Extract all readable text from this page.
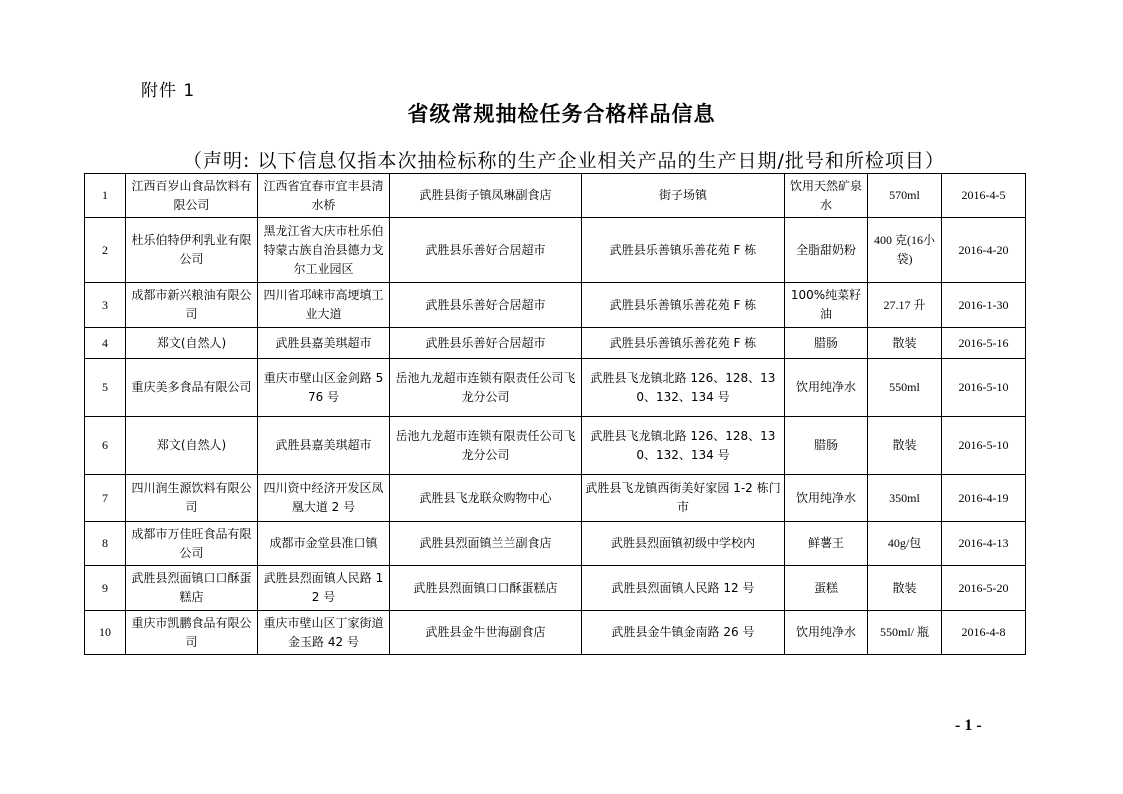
附件 1
省级常规抽检任务合格样品信息
（声明: 以下信息仅指本次抽检标称的生产企业相关产品的生产日期/批号和所检项目）
1	江西百岁山食品饮料有限公司	江西省宜春市宜丰县清水桥	武胜县街子镇凤琳副食店	街子场镇	饮用天然矿泉水	570ml	2016-4-5
2	杜乐伯特伊利乳业有限公司	黑龙江省大庆市杜乐伯特蒙古族自治县德力戈尔工业园区	武胜县乐善好合居超市	武胜县乐善镇乐善花苑 F 栋	全脂甜奶粉	400 克(16小袋)	2016-4-20
3	成都市新兴粮油有限公司	四川省邛崃市高埂填工业大道	武胜县乐善好合居超市	武胜县乐善镇乐善花苑 F 栋	100%纯菜籽油	27.17 升	2016-1-30
4	郑文(自然人)	武胜县嘉美琪超市	武胜县乐善好合居超市	武胜县乐善镇乐善花苑 F 栋	腊肠	散装	2016-5-16
5	重庆美多食品有限公司	重庆市壁山区金剑路 576 号	岳池九龙超市连锁有限责任公司飞龙分公司	武胜县飞龙镇北路 126、128、130、132、134 号	饮用纯净水	550ml	2016-5-10
6	郑文(自然人)	武胜县嘉美琪超市	岳池九龙超市连锁有限责任公司飞龙分公司	武胜县飞龙镇北路 126、128、130、132、134 号	腊肠	散装	2016-5-10
7	四川润生源饮料有限公司	四川资中经济开发区凤凰大道 2 号	武胜县飞龙联众购物中心	武胜县飞龙镇西街美好家园 1-2 栋门市	饮用纯净水	350ml	2016-4-19
8	成都市万佳旺食品有限公司	成都市金堂县准口镇	武胜县烈面镇兰兰副食店	武胜县烈面镇初级中学校内	鲜薯王	40g/包	2016-4-13
9	武胜县烈面镇口口酥蛋糕店	武胜县烈面镇人民路 12 号	武胜县烈面镇口口酥蛋糕店	武胜县烈面镇人民路 12 号	蛋糕	散装	2016-5-20
10	重庆市凯鹏食品有限公司	重庆市壁山区丁家街道金玉路 42 号	武胜县金牛世海副食店	武胜县金牛镇金南路 26 号	饮用纯净水	550ml/ 瓶	2016-4-8
- 1 -
